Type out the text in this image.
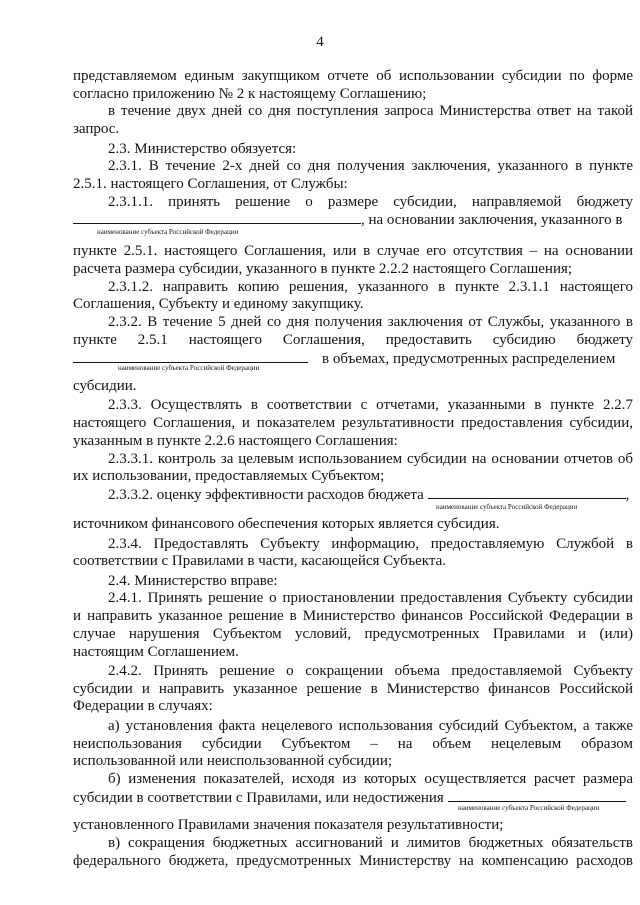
4
представляемом единым закупщиком отчете об использовании субсидии по форме
согласно приложению № 2 к настоящему Соглашению;
в течение двух дней со дня поступления запроса Министерства ответ на такой
запрос.
2.3. Министерство обязуется:
2.3.1. В течение 2-х дней со дня получения заключения, указанного в пункте
2.5.1. настоящего Соглашения, от Службы:
2.3.1.1. принять решение о размере субсидии, направляемой бюджету
, на основании заключения, указанного в
наименование субъекта Российской Федерации
пункте 2.5.1. настоящего Соглашения, или в случае его отсутствия – на основании
расчета размера субсидии, указанного в пункте 2.2.2 настоящего Соглашения;
2.3.1.2. направить копию решения, указанного в пункте 2.3.1.1 настоящего
Соглашения, Субъекту и единому закупщику.
2.3.2. В течение 5 дней со дня получения заключения от Службы, указанного в
пункте 2.5.1 настоящего Соглашения, предоставить субсидию бюджету
в объемах, предусмотренных распределением
наименование субъекта Российской Федерации
субсидии.
2.3.3. Осуществлять в соответствии с отчетами, указанными в пункте 2.2.7
настоящего Соглашения, и показателем результативности предоставления субсидии,
указанным в пункте 2.2.6 настоящего Соглашения:
2.3.3.1. контроль за целевым использованием субсидии на основании отчетов об
их использовании, предоставляемых Субъектом;
2.3.3.2. оценку эффективности расходов бюджета	,
наименование субъекта Российской Федерации
источником финансового обеспечения которых является субсидия.
2.3.4. Предоставлять Субъекту информацию, предоставляемую Службой в
соответствии с Правилами в части, касающейся Субъекта.
2.4. Министерство вправе:
2.4.1. Принять решение о приостановлении предоставления Субъекту субсидии
и направить указанное решение в Министерство финансов Российской Федерации в
случае нарушения Субъектом условий, предусмотренных Правилами и (или)
настоящим Соглашением.
2.4.2. Принять решение о сокращении объема предоставляемой Субъекту
субсидии и направить указанное решение в Министерство финансов Российской
Федерации в случаях:
а) установления факта нецелевого использования субсидий Субъектом, а также
неиспользования субсидии Субъектом – на объем нецелевым образом
использованной или неиспользованной субсидии;
б) изменения показателей, исходя из которых осуществляется расчет размера
субсидии в соответствии с Правилами, или недостижения
наименование субъекта Российской Федерации
установленного Правилами значения показателя результативности;
в) сокращения бюджетных ассигнований и лимитов бюджетных обязательств
федерального бюджета, предусмотренных Министерству на компенсацию расходов
